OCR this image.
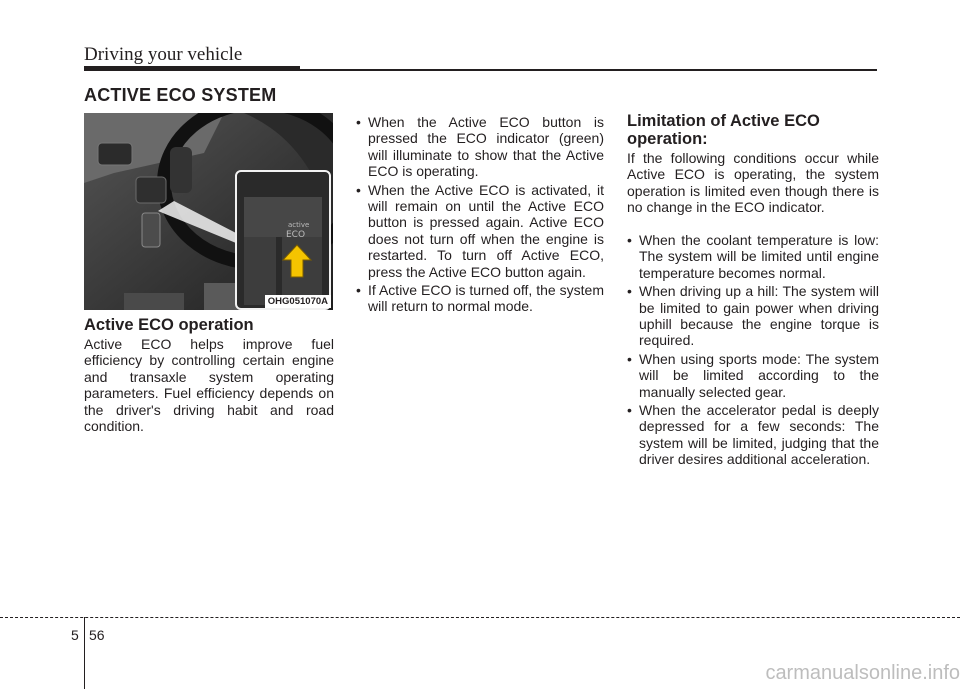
Driving your vehicle
ACTIVE ECO SYSTEM
active
ECO
OHG051070A
Active ECO operation
Active ECO helps improve fuel efficiency by controlling certain engine and transaxle system operating parameters. Fuel efficiency depends on the driver's driving habit and road condition.
• When the Active ECO button is pressed the ECO indicator (green) will illuminate to show that the Active ECO is operating.
• When the Active ECO is activated, it will remain on until the Active ECO button is pressed again. Active ECO does not turn off when the engine is restarted. To turn off Active ECO, press the Active ECO button again.
• If Active ECO is turned off, the system will return to normal mode.
Limitation of Active ECO operation:
If the following conditions occur while Active ECO is operating, the system operation is limited even though there is no change in the ECO indicator.
• When the coolant temperature is low: The system will be limited until engine temperature becomes normal.
• When driving up a hill: The system will be limited to gain power when driving uphill because the engine torque is required.
• When using sports mode: The system will be limited according to the manually selected gear.
• When the accelerator pedal is deeply depressed for a few seconds: The system will be limited, judging that the driver desires additional acceleration.
5 56
carmanualsonline.info
